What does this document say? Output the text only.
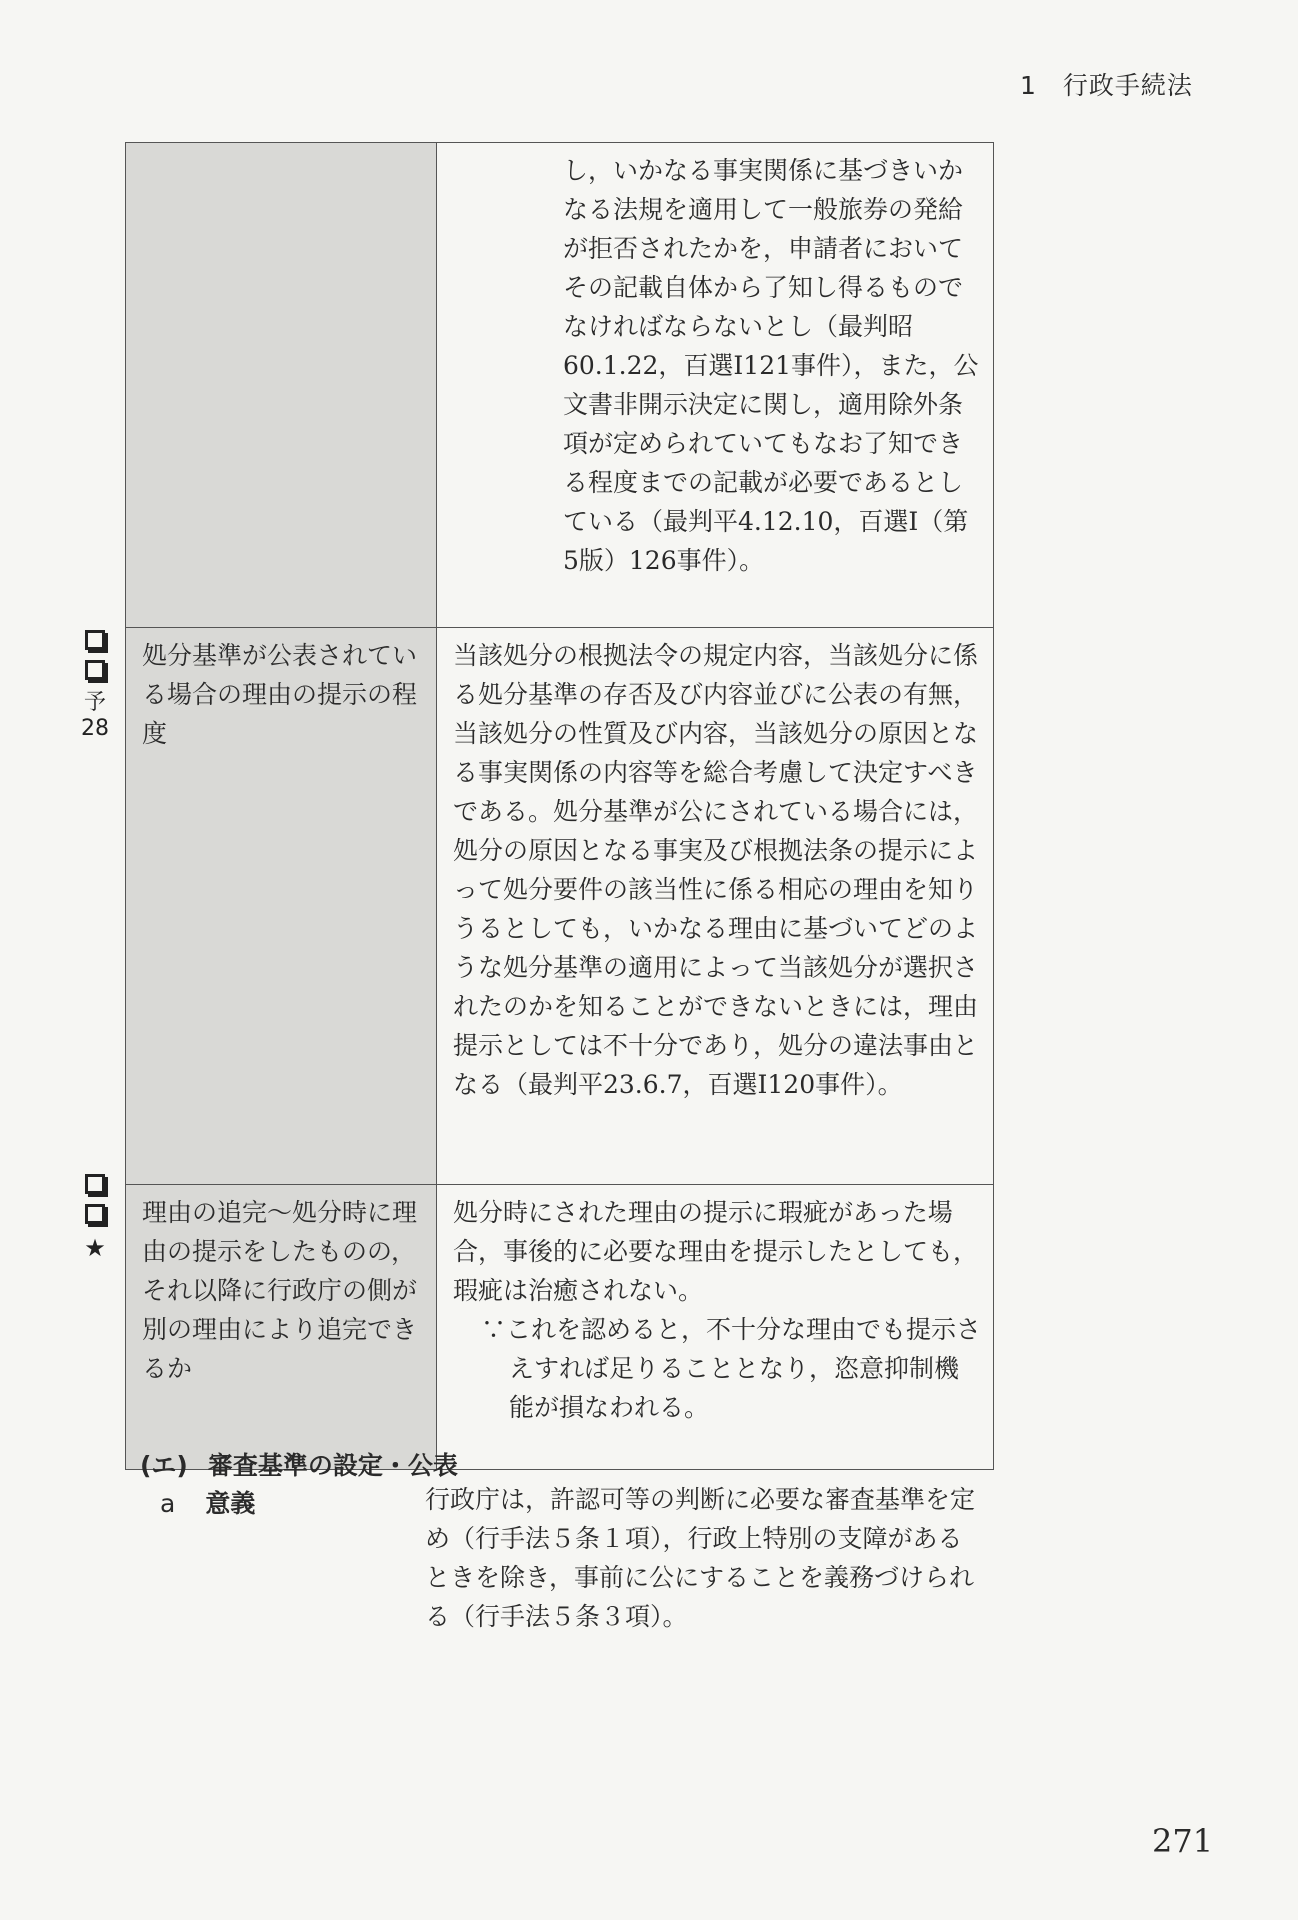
1 行政手続法
予
28
★

	し，いかなる事実関係に基づきいかなる法規を適用して一般旅券の発給が拒否されたかを，申請者においてその記載自体から了知し得るものでなければならないとし（最判昭60.1.22，百選Ⅰ121事件），また，公文書非開示決定に関し，適用除外条項が定められていてもなお了知できる程度までの記載が必要であるとしている（最判平4.12.10，百選Ⅰ（第5版）126事件）。

処分基準が公表されている場合の理由の提示の程度	当該処分の根拠法令の規定内容，当該処分に係る処分基準の存否及び内容並びに公表の有無，当該処分の性質及び内容，当該処分の原因となる事実関係の内容等を総合考慮して決定すべきである。処分基準が公にされている場合には，処分の原因となる事実及び根拠法条の提示によって処分要件の該当性に係る相応の理由を知りうるとしても，いかなる理由に基づいてどのような処分基準の適用によって当該処分が選択されたのかを知ることができないときには，理由提示としては不十分であり，処分の違法事由となる（最判平23.6.7，百選Ⅰ120事件）。

理由の追完〜処分時に理由の提示をしたものの，それ以降に行政庁の側が別の理由により追完できるか	処分時にされた理由の提示に瑕疵があった場合，事後的に必要な理由を提示したとしても，瑕疵は治癒されない。

∵これを認めると，不十分な理由でも提示さえすれば足りることとなり，恣意抑制機能が損なわれる。

(エ) 審査基準の設定・公表
a 意義	行政庁は，許認可等の判断に必要な審査基準を定め（行手法５条１項），行政上特別の支障があるときを除き，事前に公にすることを義務づけられる（行手法５条３項）。
271
